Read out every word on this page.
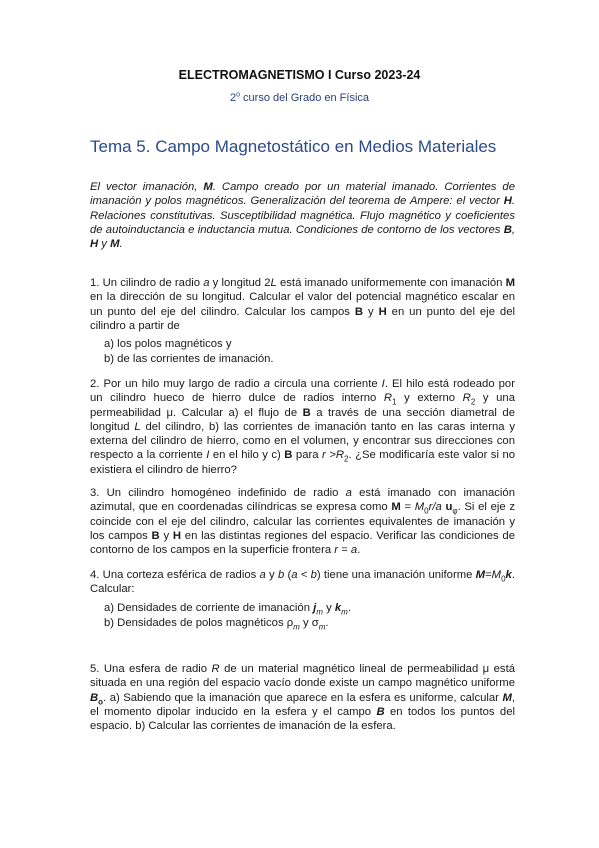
ELECTROMAGNETISMO I Curso 2023-24
2$^o$ curso del Grado en Física
Tema 5. Campo Magnetostático en Medios Materiales
El vector imanación, M. Campo creado por un material imanado. Corrientes de imanación y polos magnéticos. Generalización del teorema de Ampere: el vector H. Relaciones constitutivas. Susceptibilidad magnética. Flujo magnético y coeficientes de autoinductancia e inductancia mutua. Condiciones de contorno de los vectores B, H y M.
1. Un cilindro de radio a y longitud 2L está imanado uniformemente con imanación M en la dirección de su longitud. Calcular el valor del potencial magnético escalar en un punto del eje del cilindro. Calcular los campos B y H en un punto del eje del cilindro a partir de
a) los polos magnéticos y
b) de las corrientes de imanación.
2. Por un hilo muy largo de radio a circula una corriente I. El hilo está rodeado por un cilindro hueco de hierro dulce de radios interno $R_1$ y externo $R_2$ y una permeabilidad μ. Calcular a) el flujo de B a través de una sección diametral de longitud L del cilindro, b) las corrientes de imanación tanto en las caras interna y externa del cilindro de hierro, como en el volumen, y encontrar sus direcciones con respecto a la corriente I en el hilo y c) B para $r >R_2$. ¿Se modificaría este valor si no existiera el cilindro de hierro?
3. Un cilindro homogéneo indefinido de radio a está imanado con imanación azimutal, que en coordenadas cilíndricas se expresa como $M = M_0r/a$ $u_\varphi$. Si el eje z coincide con el eje del cilindro, calcular las corrientes equivalentes de imanación y los campos B y H en las distintas regiones del espacio. Verificar las condiciones de contorno de los campos en la superficie frontera r = a.
4. Una corteza esférica de radios a y b (a < b) tiene una imanación uniforme $M=M_0k$. Calcular:
a) Densidades de corriente de imanación $j_m$ y $k_m$.
b) Densidades de polos magnéticos $\rho_m$ y $\sigma_m$.
5. Una esfera de radio R de un material magnético lineal de permeabilidad μ está situada en una región del espacio vacío donde existe un campo magnético uniforme $B_o$. a) Sabiendo que la imanación que aparece en la esfera es uniforme, calcular M, el momento dipolar inducido en la esfera y el campo B en todos los puntos del espacio. b) Calcular las corrientes de imanación de la esfera.
